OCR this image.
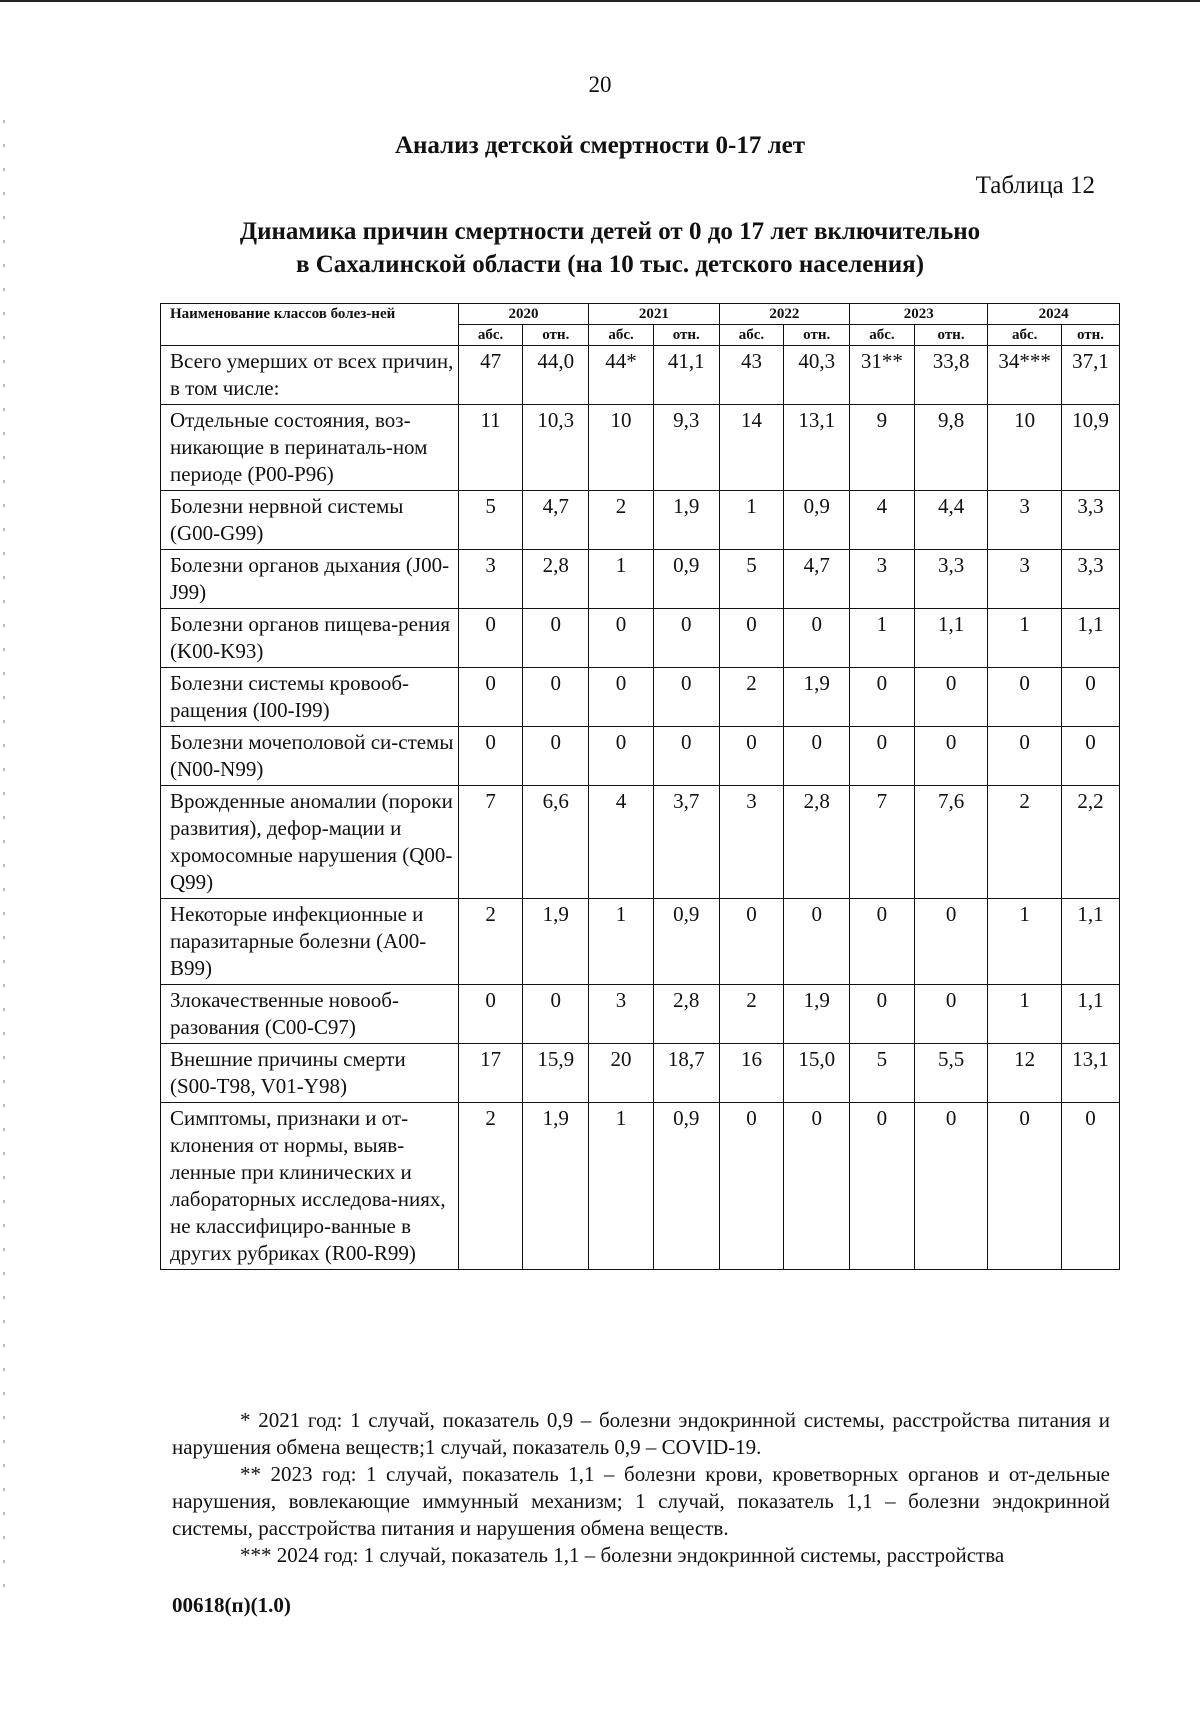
20
Анализ детской смертности 0-17 лет
Таблица 12
Динамика причин смертности детей от 0 до 17 лет включительно
в Сахалинской области (на 10 тыс. детского населения)
Наименование классов болез-ней	2020		2021		2022		2023		2024	
	абс.	отн.	абс.	отн.	абс.	отн.	абс.	отн.	абс.	отн.
Всего умерших от всех причин, в том числе:	47	44,0	44*	41,1	43	40,3	31**	33,8	34***	37,1
Отдельные состояния, воз-никающие в перинаталь-ном периоде (P00-P96)	11	10,3	10	9,3	14	13,1	9	9,8	10	10,9
Болезни нервной системы (G00-G99)	5	4,7	2	1,9	1	0,9	4	4,4	3	3,3
Болезни органов дыхания (J00-J99)	3	2,8	1	0,9	5	4,7	3	3,3	3	3,3
Болезни органов пищева-рения (K00-K93)	0	0	0	0	0	0	1	1,1	1	1,1
Болезни системы кровооб-ращения (I00-I99)	0	0	0	0	2	1,9	0	0	0	0
Болезни мочеполовой си-стемы (N00-N99)	0	0	0	0	0	0	0	0	0	0
Врожденные аномалии (пороки развития), дефор-мации и хромосомные нарушения (Q00-Q99)	7	6,6	4	3,7	3	2,8	7	7,6	2	2,2
Некоторые инфекционные и паразитарные болезни (A00-B99)	2	1,9	1	0,9	0	0	0	0	1	1,1
Злокачественные новооб-разования (C00-C97)	0	0	3	2,8	2	1,9	0	0	1	1,1
Внешние причины смерти (S00-T98, V01-Y98)	17	15,9	20	18,7	16	15,0	5	5,5	12	13,1
Симптомы, признаки и от-клонения от нормы, выяв-ленные при клинических и лабораторных исследова-ниях, не классифициро-ванные в других рубриках (R00-R99)	2	1,9	1	0,9	0	0	0	0	0	0

* 2021 год: 1 случай, показатель 0,9 – болезни эндокринной системы, расстройства питания и нарушения обмена веществ;1 случай, показатель 0,9 – COVID-19.

** 2023 год: 1 случай, показатель 1,1 – болезни крови, кроветворных органов и от-дельные нарушения, вовлекающие иммунный механизм; 1 случай, показатель 1,1 – болезни эндокринной системы, расстройства питания и нарушения обмена веществ.

*** 2024 год: 1 случай, показатель 1,1 – болезни эндокринной системы, расстройства

00618(п)(1.0)
